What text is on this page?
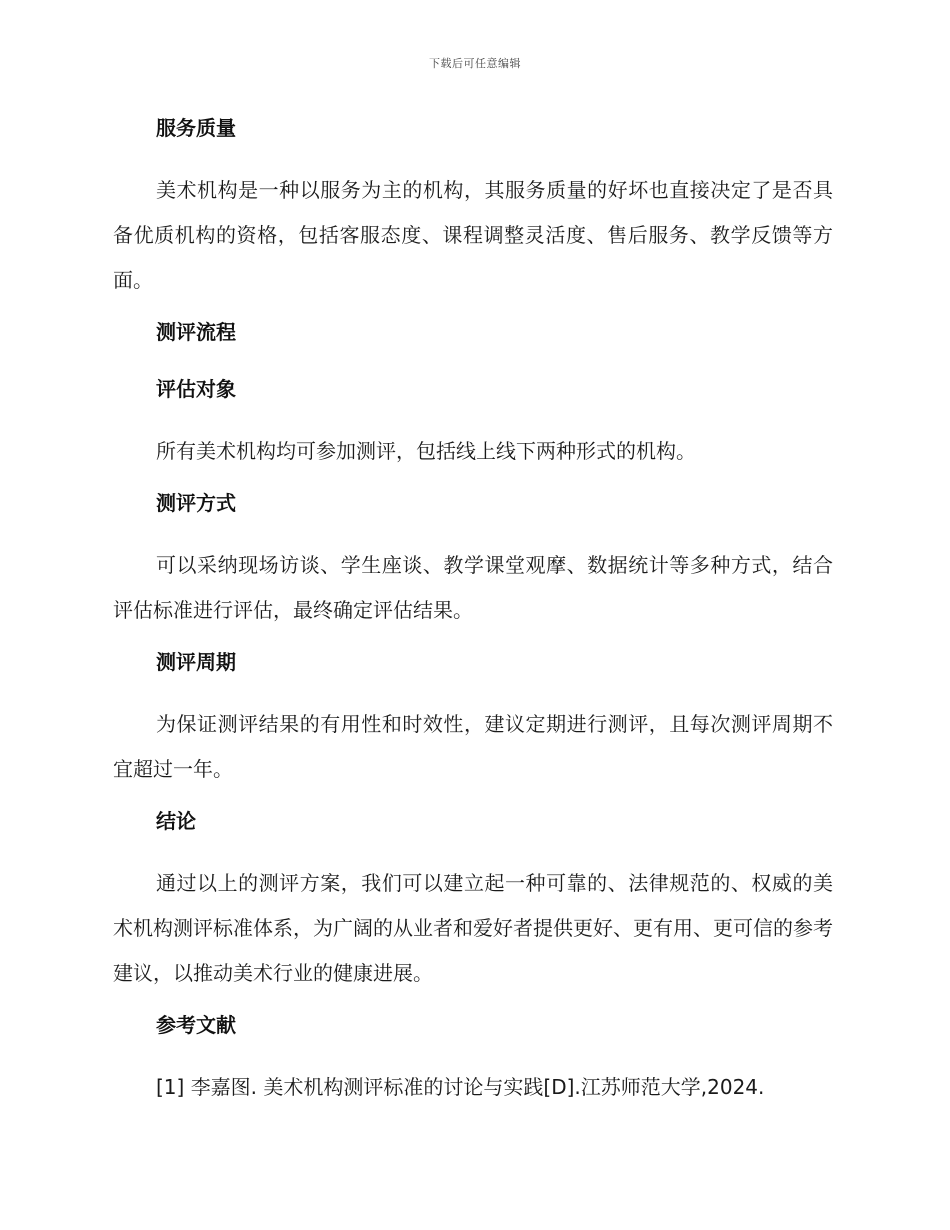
下载后可任意编辑
服务质量

美术机构是一种以服务为主的机构，其服务质量的好坏也直接决定了是否具备优质机构的资格，包括客服态度、课程调整灵活度、售后服务、教学反馈等方面。

测评流程
评估对象

所有美术机构均可参加测评，包括线上线下两种形式的机构。

测评方式

可以采纳现场访谈、学生座谈、教学课堂观摩、数据统计等多种方式，结合评估标准进行评估，最终确定评估结果。

测评周期

为保证测评结果的有用性和时效性，建议定期进行测评，且每次测评周期不宜超过一年。

结论

通过以上的测评方案，我们可以建立起一种可靠的、法律规范的、权威的美术机构测评标准体系，为广阔的从业者和爱好者提供更好、更有用、更可信的参考建议，以推动美术行业的健康进展。

参考文献

[1] 李嘉图. 美术机构测评标准的讨论与实践[D].江苏师范大学,2024.
